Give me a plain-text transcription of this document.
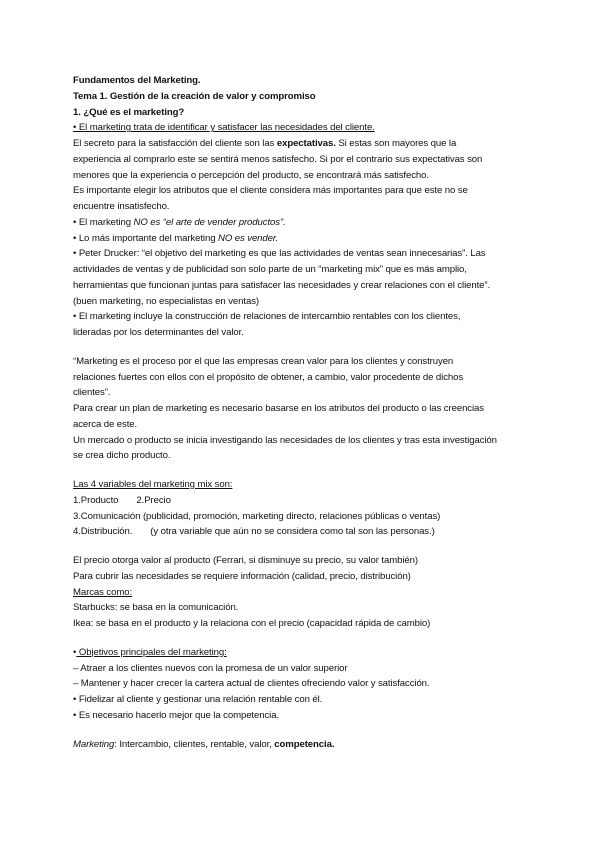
Fundamentos del Marketing.
Tema 1. Gestión de la creación de valor y compromiso
1. ¿Qué es el marketing?
• El marketing trata de identificar y satisfacer las necesidades del cliente.
El secreto para la satisfacción del cliente son las expectativas. Si estas son mayores que la
experiencia al comprarlo este se sentirá menos satisfecho. Si por el contrario sus expectativas son
menores que la experiencia o percepción del producto, se encontrará más satisfecho.
Es importante elegir los atributos que el cliente considera más importantes para que este no se
encuentre insatisfecho.
• El marketing NO es “el arte de vender productos”.
• Lo más importante del marketing NO es vender.
• Peter Drucker: “el objetivo del marketing es que las actividades de ventas sean innecesarias”. Las
actividades de ventas y de publicidad son solo parte de un “marketing mix” que es más amplio,
herramientas que funcionan juntas para satisfacer las necesidades y crear relaciones con el cliente”.
(buen marketing, no especialistas en ventas)
• El marketing incluye la construcción de relaciones de intercambio rentables con los clientes,
lideradas por los determinantes del valor.
“Marketing es el proceso por el que las empresas crean valor para los clientes y construyen
relaciones fuertes con ellos con el propósito de obtener, a cambio, valor procedente de dichos
clientes”.
Para crear un plan de marketing es necesario basarse en los atributos del producto o las creencias
acerca de este.
Un mercado o producto se inicia investigando las necesidades de los clientes y tras esta investigación
se crea dicho producto.
Las 4 variables del marketing mix son:
1.Producto 2.Precio
3.Comunicación (publicidad, promoción, marketing directo, relaciones públicas o ventas)
4.Distribución. (y otra variable que aún no se considera como tal son las personas.)
El precio otorga valor al producto (Ferrari, si disminuye su precio, su valor también)
Para cubrir las necesidades se requiere información (calidad, precio, distribución)
Marcas como:
Starbucks: se basa en la comunicación.
Ikea: se basa en el producto y la relaciona con el precio (capacidad rápida de cambio)
• Objetivos principales del marketing:
– Atraer a los clientes nuevos con la promesa de un valor superior
– Mantener y hacer crecer la cartera actual de clientes ofreciendo valor y satisfacción.
• Fidelizar al cliente y gestionar una relación rentable con él.
• Es necesario hacerlo mejor que la competencia.
Marketing: Intercambio, clientes, rentable, valor, competencia.
